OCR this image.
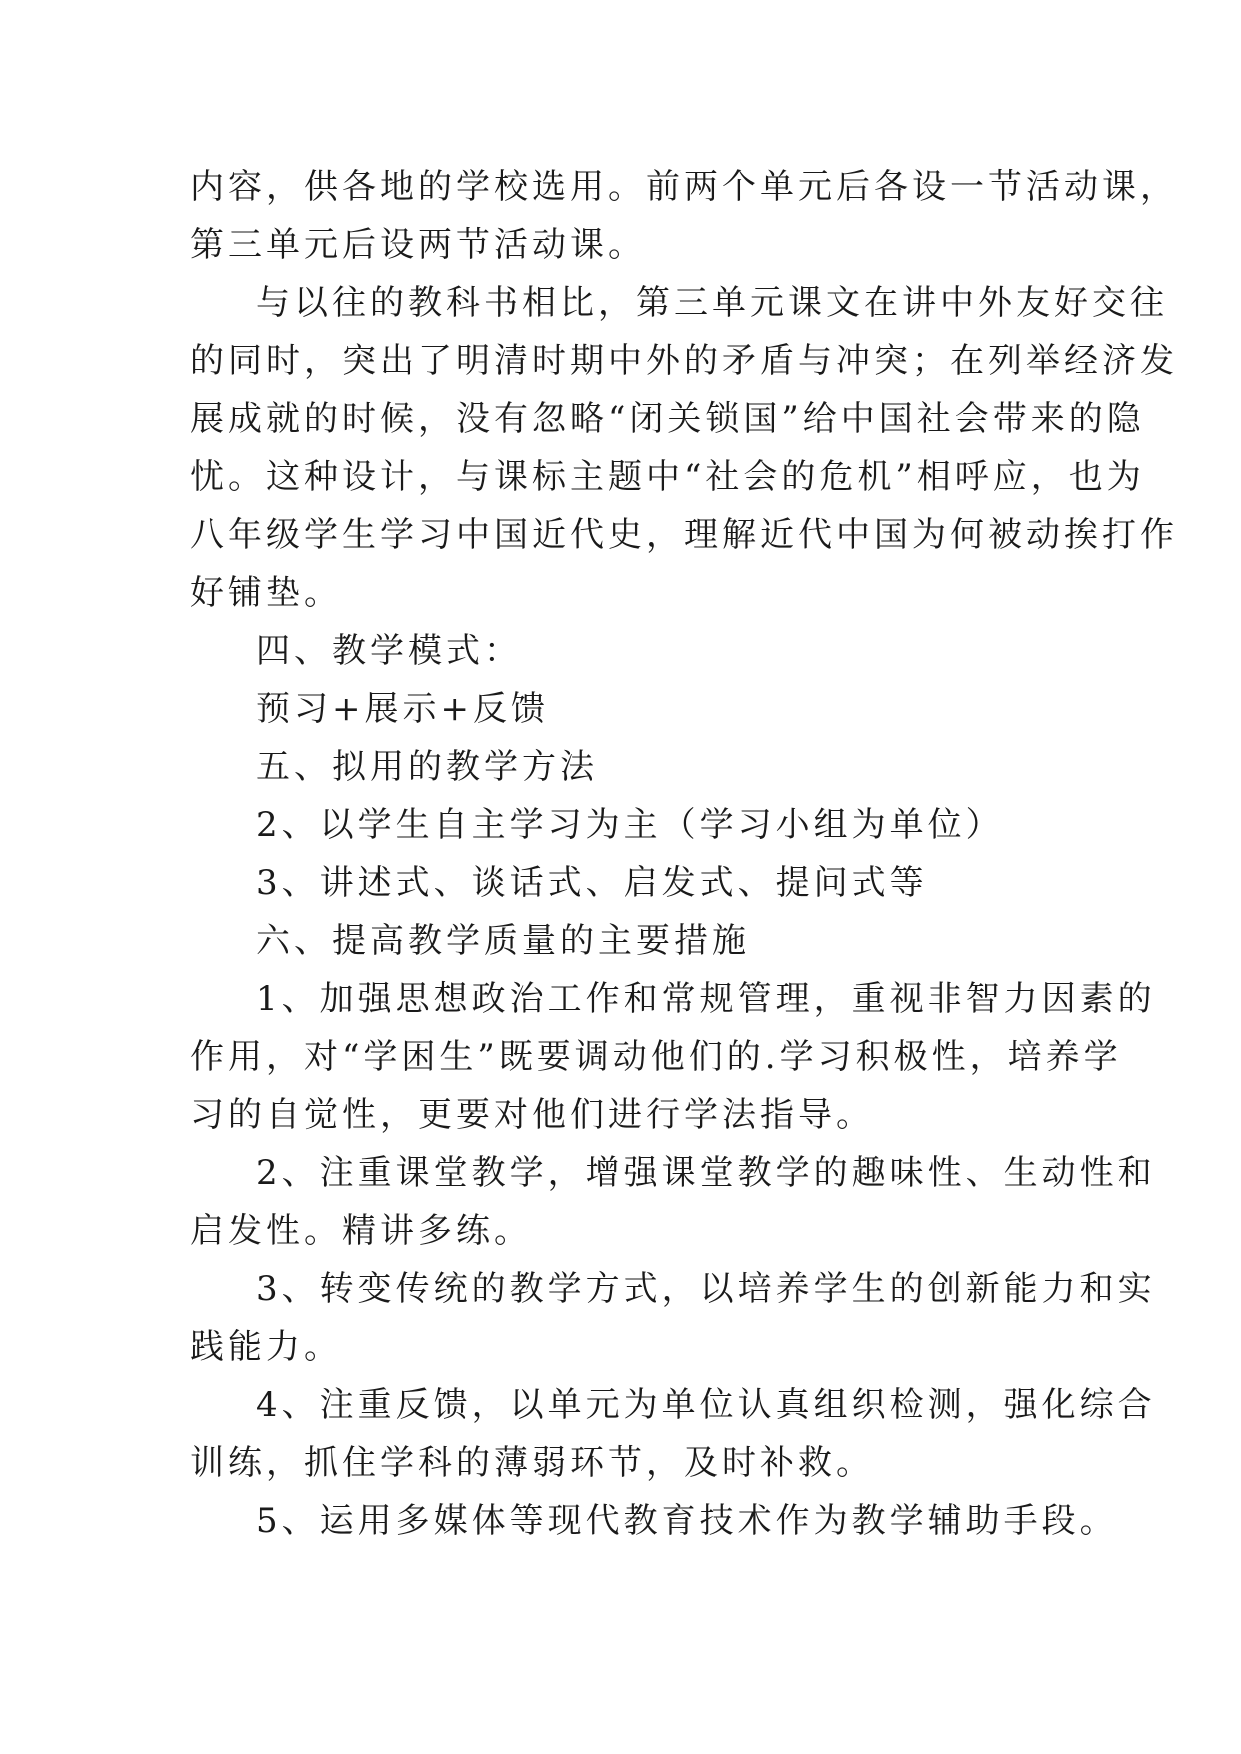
内容，供各地的学校选用。前两个单元后各设一节活动课，
第三单元后设两节活动课。
与以往的教科书相比，第三单元课文在讲中外友好交往
的同时，突出了明清时期中外的矛盾与冲突；在列举经济发
展成就的时候，没有忽略“闭关锁国”给中国社会带来的隐
忧。这种设计，与课标主题中“社会的危机”相呼应，也为
八年级学生学习中国近代史，理解近代中国为何被动挨打作
好铺垫。
四、教学模式：
预习+展示+反馈
五、拟用的教学方法
2、以学生自主学习为主（学习小组为单位）
3、讲述式、谈话式、启发式、提问式等
六、提高教学质量的主要措施
1、加强思想政治工作和常规管理，重视非智力因素的
作用，对“学困生”既要调动他们的.学习积极性，培养学
习的自觉性，更要对他们进行学法指导。
2、注重课堂教学，增强课堂教学的趣味性、生动性和
启发性。精讲多练。
3、转变传统的教学方式，以培养学生的创新能力和实
践能力。
4、注重反馈，以单元为单位认真组织检测，强化综合
训练，抓住学科的薄弱环节，及时补救。
5、运用多媒体等现代教育技术作为教学辅助手段。
